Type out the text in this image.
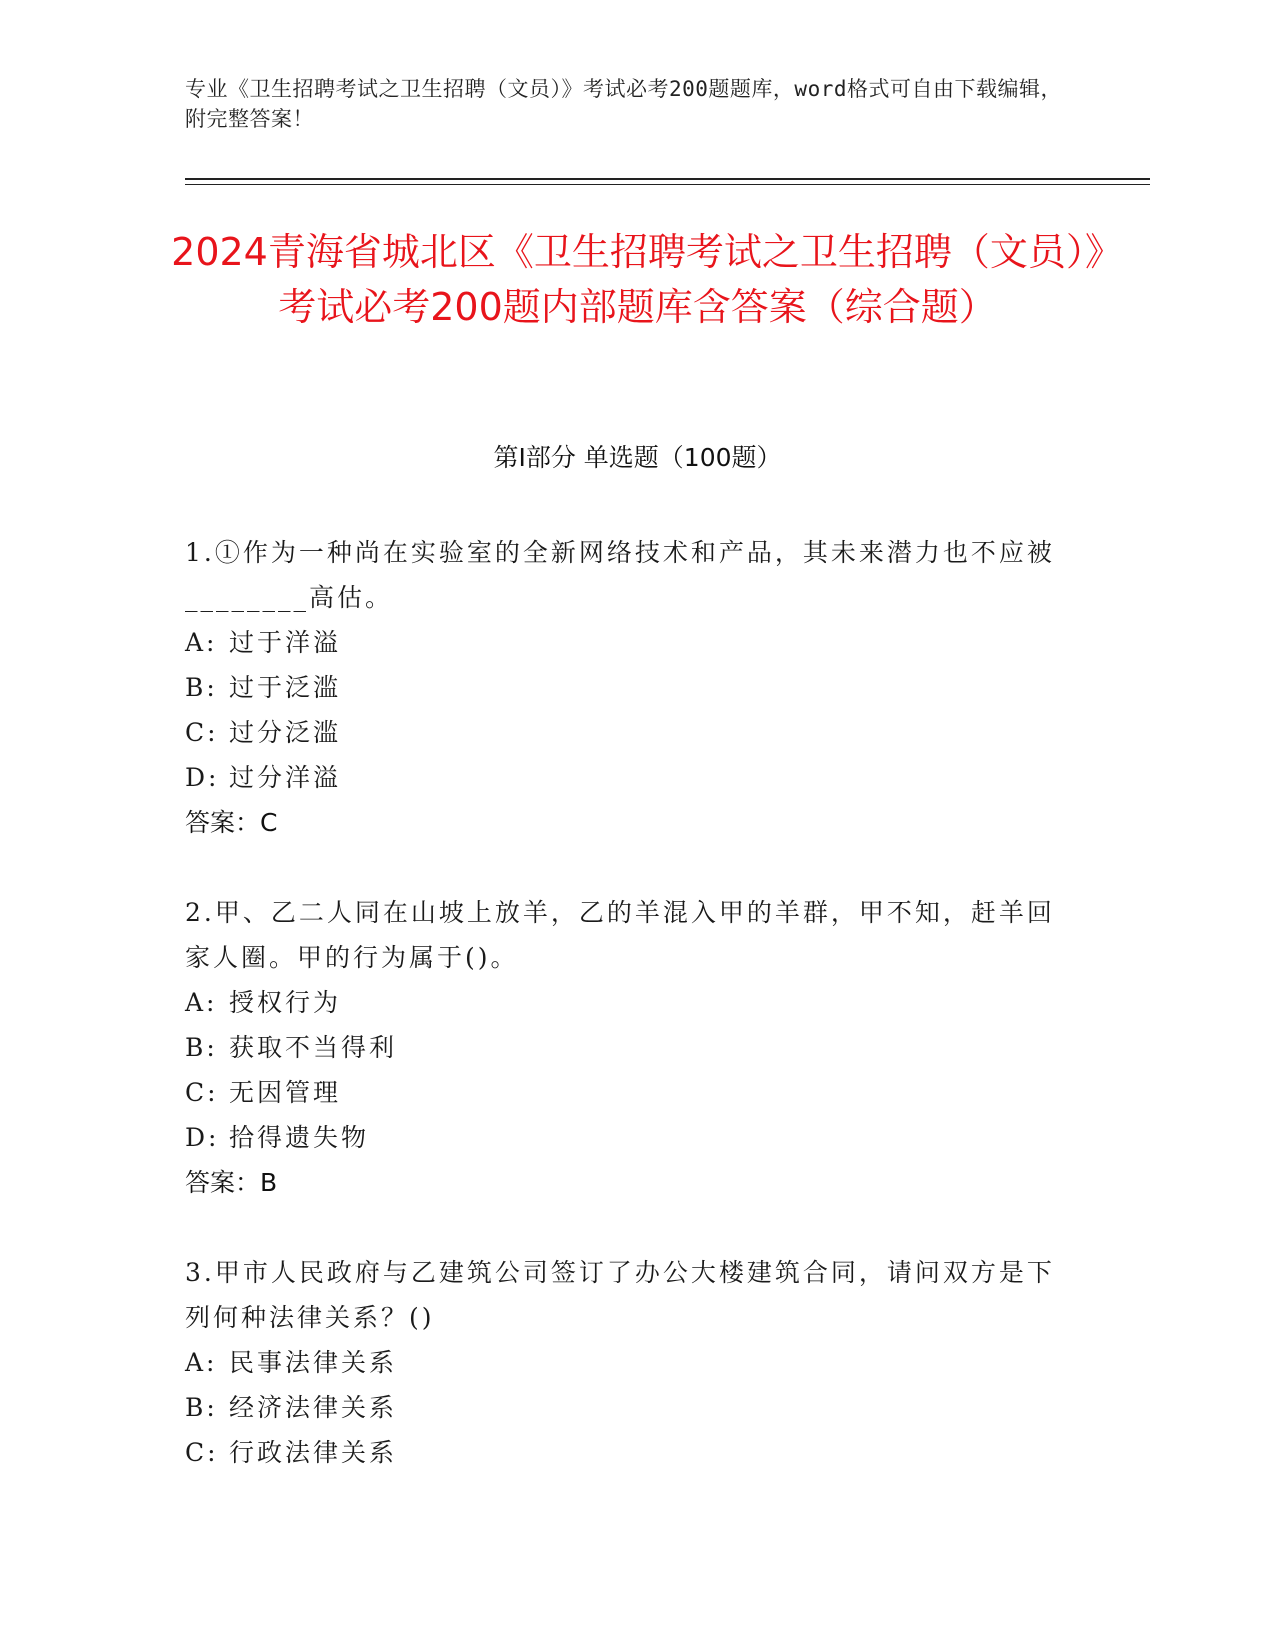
专业《卫生招聘考试之卫生招聘（文员）》考试必考200题题库，word格式可自由下载编辑，附完整答案！
2024青海省城北区《卫生招聘考试之卫生招聘（文员）》考试必考200题内部题库含答案（综合题）
第Ⅰ部分 单选题（100题）

1.①作为一种尚在实验室的全新网络技术和产品，其未来潜力也不应被________高估。

A: 过于洋溢
B: 过于泛滥
C: 过分泛滥
D: 过分洋溢
答案：C

2.甲、乙二人同在山坡上放羊，乙的羊混入甲的羊群，甲不知，赶羊回家人圈。甲的行为属于()。

A: 授权行为
B: 获取不当得利
C: 无因管理
D: 拾得遗失物
答案：B

3.甲市人民政府与乙建筑公司签订了办公大楼建筑合同，请问双方是下列何种法律关系？()

A: 民事法律关系
B: 经济法律关系
C: 行政法律关系
